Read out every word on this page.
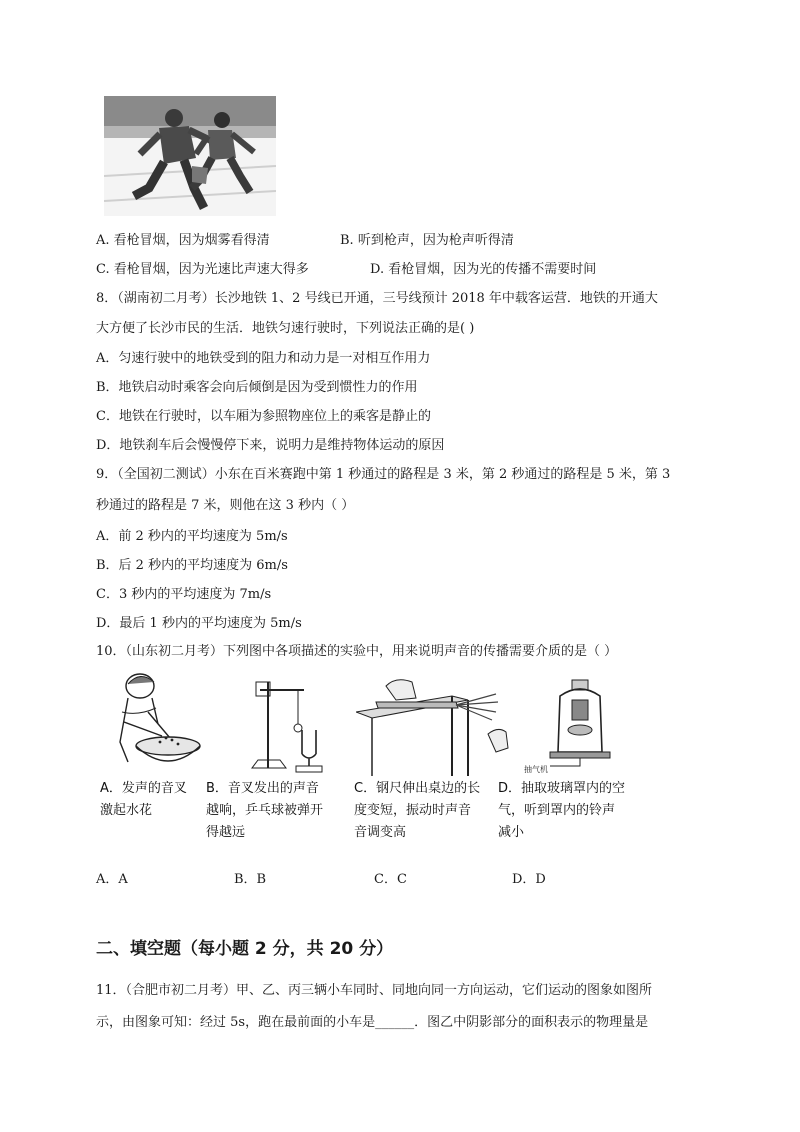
A. 看枪冒烟，因为烟雾看得清	B. 听到枪声，因为枪声听得清
C. 看枪冒烟，因为光速比声速大得多	D. 看枪冒烟，因为光的传播不需要时间
8．（湖南初二月考）长沙地铁 1、2 号线已开通，三号线预计 2018 年中载客运营．地铁的开通大
大方便了长沙市民的生活．地铁匀速行驶时，下列说法正确的是( )
A．匀速行驶中的地铁受到的阻力和动力是一对相互作用力
B．地铁启动时乘客会向后倾倒是因为受到惯性力的作用
C．地铁在行驶时，以车厢为参照物座位上的乘客是静止的
D．地铁刹车后会慢慢停下来，说明力是维持物体运动的原因
9．（全国初二测试）小东在百米赛跑中第 1 秒通过的路程是 3 米，第 2 秒通过的路程是 5 米，第 3
秒通过的路程是 7 米，则他在这 3 秒内（ ）
A．前 2 秒内的平均速度为 5m/s
B．后 2 秒内的平均速度为 6m/s
C．3 秒内的平均速度为 7m/s
D．最后 1 秒内的平均速度为 5m/s
10．（山东初二月考）下列图中各项描述的实验中，用来说明声音的传播需要介质的是（ ）
A．发声的音叉
激起水花
B．音叉发出的声音
越响，乒乓球被弹开
得越远
C．钢尺伸出桌边的长
度变短，振动时声音
音调变高
抽气机
D．抽取玻璃罩内的空
气，听到罩内的铃声
减小
A．A	B．B	C．C	D．D
二、填空题（每小题 2 分，共 20 分）
11．（合肥市初二月考）甲、乙、丙三辆小车同时、同地向同一方向运动，它们运动的图象如图所
示，由图象可知：经过 5s，跑在最前面的小车是______．图乙中阴影部分的面积表示的物理量是
